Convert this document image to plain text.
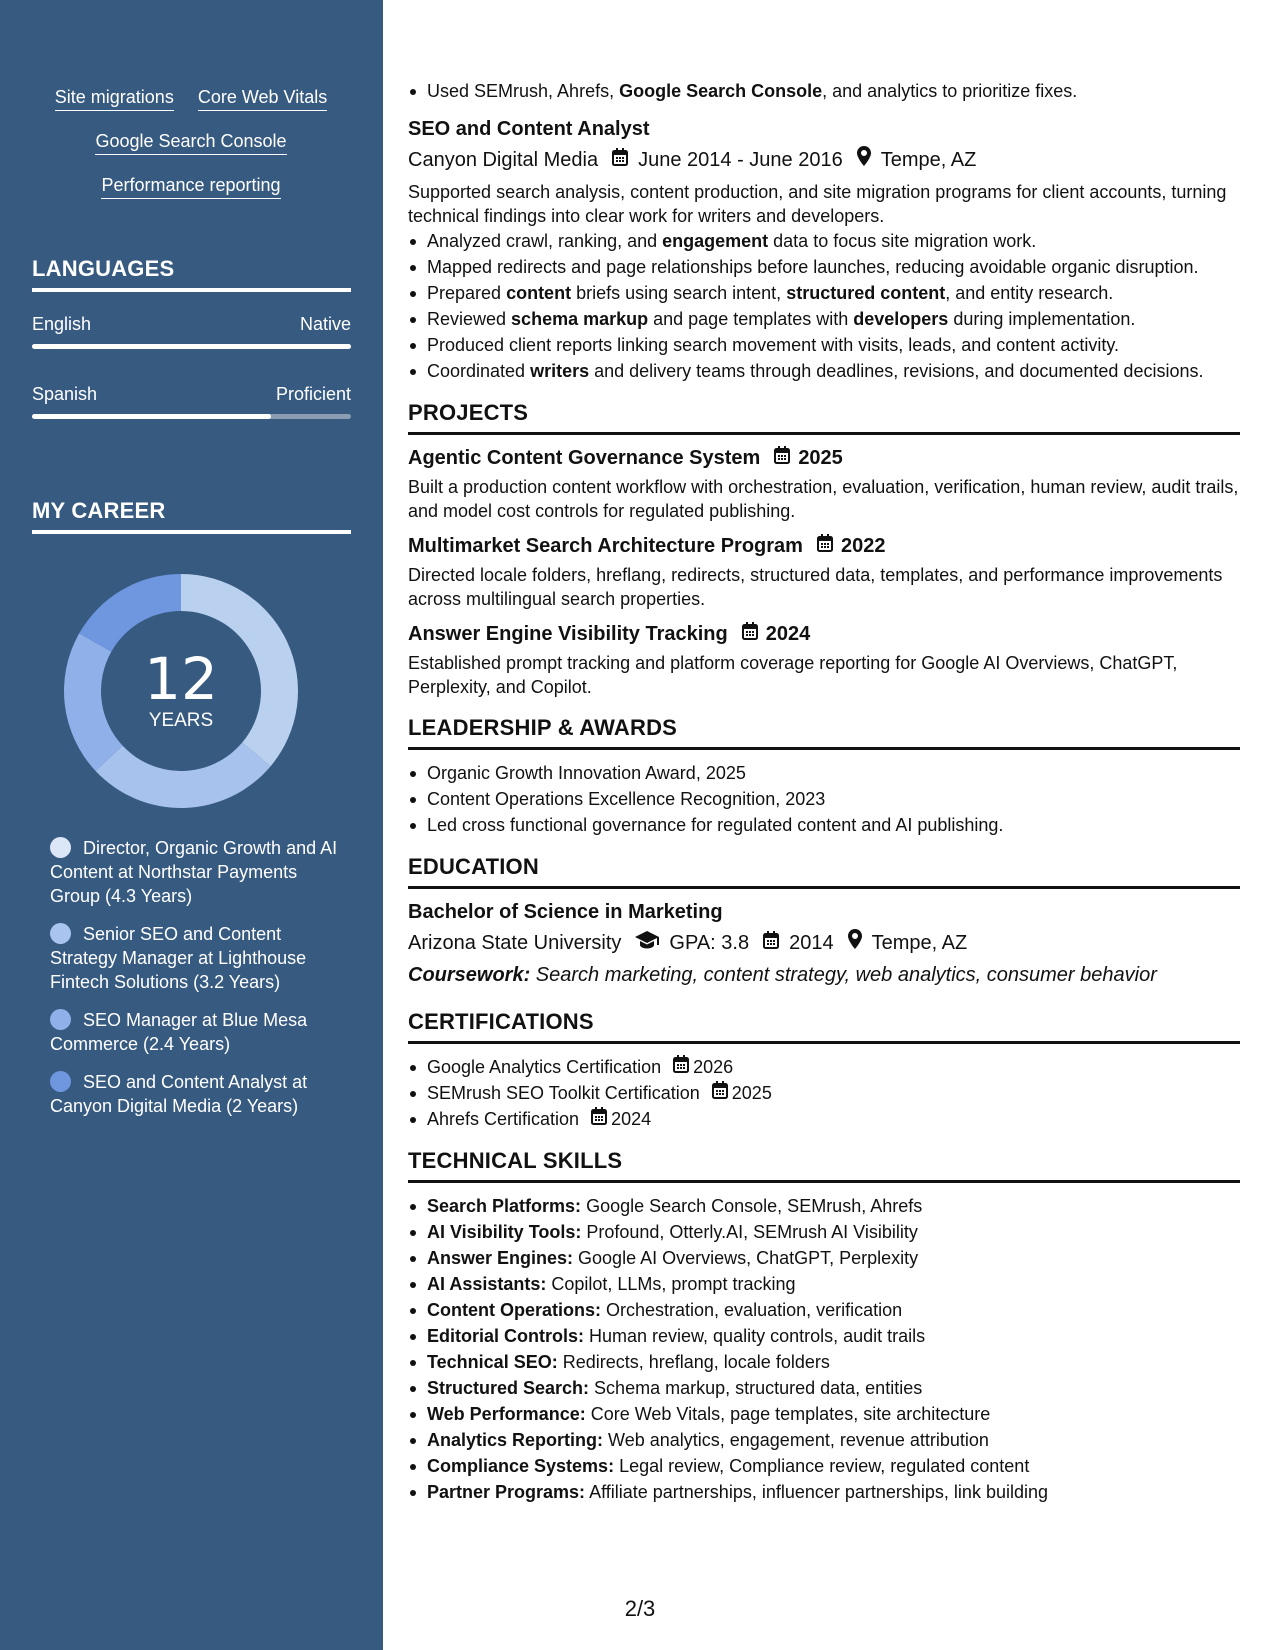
Site migrations Core Web Vitals
Google Search Console
Performance reporting
LANGUAGES
English	Native
Spanish	Proficient
MY CAREER
12
YEARS
Director, Organic Growth and AI Content at Northstar Payments Group (4.3 Years)
Senior SEO and Content Strategy Manager at Lighthouse Fintech Solutions (3.2 Years)
SEO Manager at Blue Mesa Commerce (2.4 Years)
SEO and Content Analyst at Canyon Digital Media (2 Years)
Used SEMrush, Ahrefs, Google Search Console, and analytics to prioritize fixes.
SEO and Content Analyst
Canyon Digital Media June 2014 - June 2016 Tempe, AZ
Supported search analysis, content production, and site migration programs for client accounts, turning technical findings into clear work for writers and developers.
Analyzed crawl, ranking, and engagement data to focus site migration work.
Mapped redirects and page relationships before launches, reducing avoidable organic disruption.
Prepared content briefs using search intent, structured content, and entity research.
Reviewed schema markup and page templates with developers during implementation.
Produced client reports linking search movement with visits, leads, and content activity.
Coordinated writers and delivery teams through deadlines, revisions, and documented decisions.
PROJECTS
Agentic Content Governance System 2025
Built a production content workflow with orchestration, evaluation, verification, human review, audit trails, and model cost controls for regulated publishing.
Multimarket Search Architecture Program 2022
Directed locale folders, hreflang, redirects, structured data, templates, and performance improvements across multilingual search properties.
Answer Engine Visibility Tracking 2024
Established prompt tracking and platform coverage reporting for Google AI Overviews, ChatGPT, Perplexity, and Copilot.
LEADERSHIP & AWARDS
Organic Growth Innovation Award, 2025
Content Operations Excellence Recognition, 2023
Led cross functional governance for regulated content and AI publishing.
EDUCATION
Bachelor of Science in Marketing
Arizona State University GPA: 3.8 2014 Tempe, AZ
Coursework: Search marketing, content strategy, web analytics, consumer behavior
CERTIFICATIONS
Google Analytics Certification 2026
SEMrush SEO Toolkit Certification 2025
Ahrefs Certification 2024
TECHNICAL SKILLS
Search Platforms: Google Search Console, SEMrush, Ahrefs
AI Visibility Tools: Profound, Otterly.AI, SEMrush AI Visibility
Answer Engines: Google AI Overviews, ChatGPT, Perplexity
AI Assistants: Copilot, LLMs, prompt tracking
Content Operations: Orchestration, evaluation, verification
Editorial Controls: Human review, quality controls, audit trails
Technical SEO: Redirects, hreflang, locale folders
Structured Search: Schema markup, structured data, entities
Web Performance: Core Web Vitals, page templates, site architecture
Analytics Reporting: Web analytics, engagement, revenue attribution
Compliance Systems: Legal review, Compliance review, regulated content
Partner Programs: Affiliate partnerships, influencer partnerships, link building
2/3
